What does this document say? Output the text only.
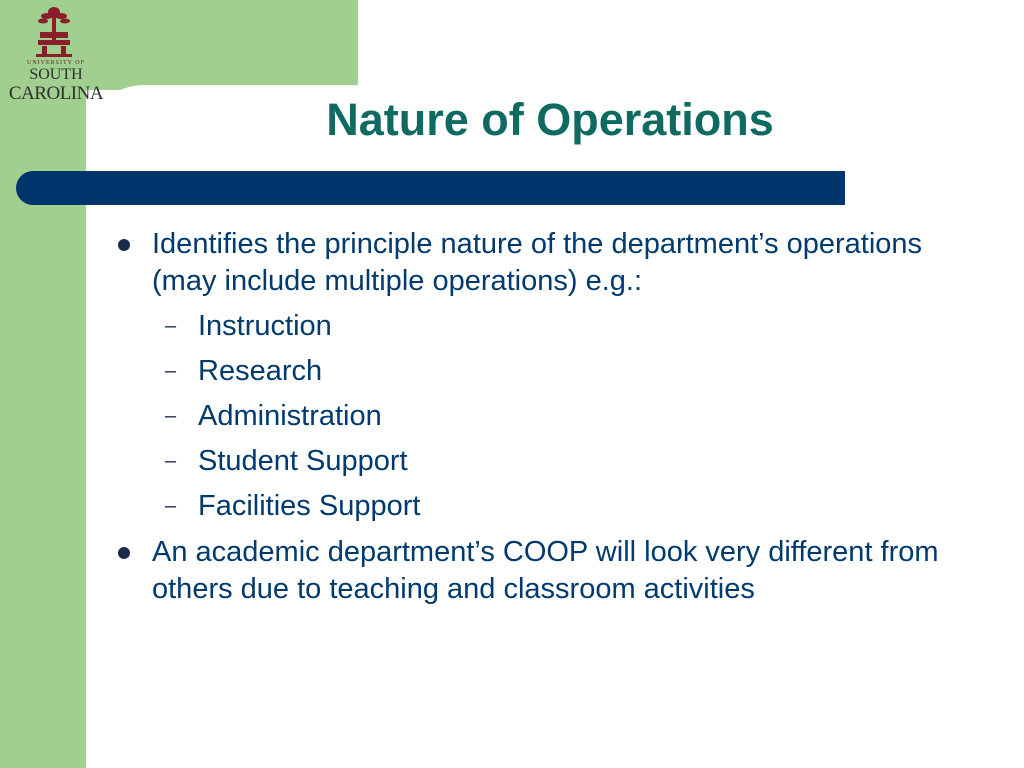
UNIVERSITY OF
SOUTH
CAROLINA
Nature of Operations
Identifies the principle nature of the department’s operations (may include multiple operations) e.g.:
– Instruction
– Research
– Administration
– Student Support
– Facilities Support
An academic department’s COOP will look very different from others due to teaching and classroom activities
